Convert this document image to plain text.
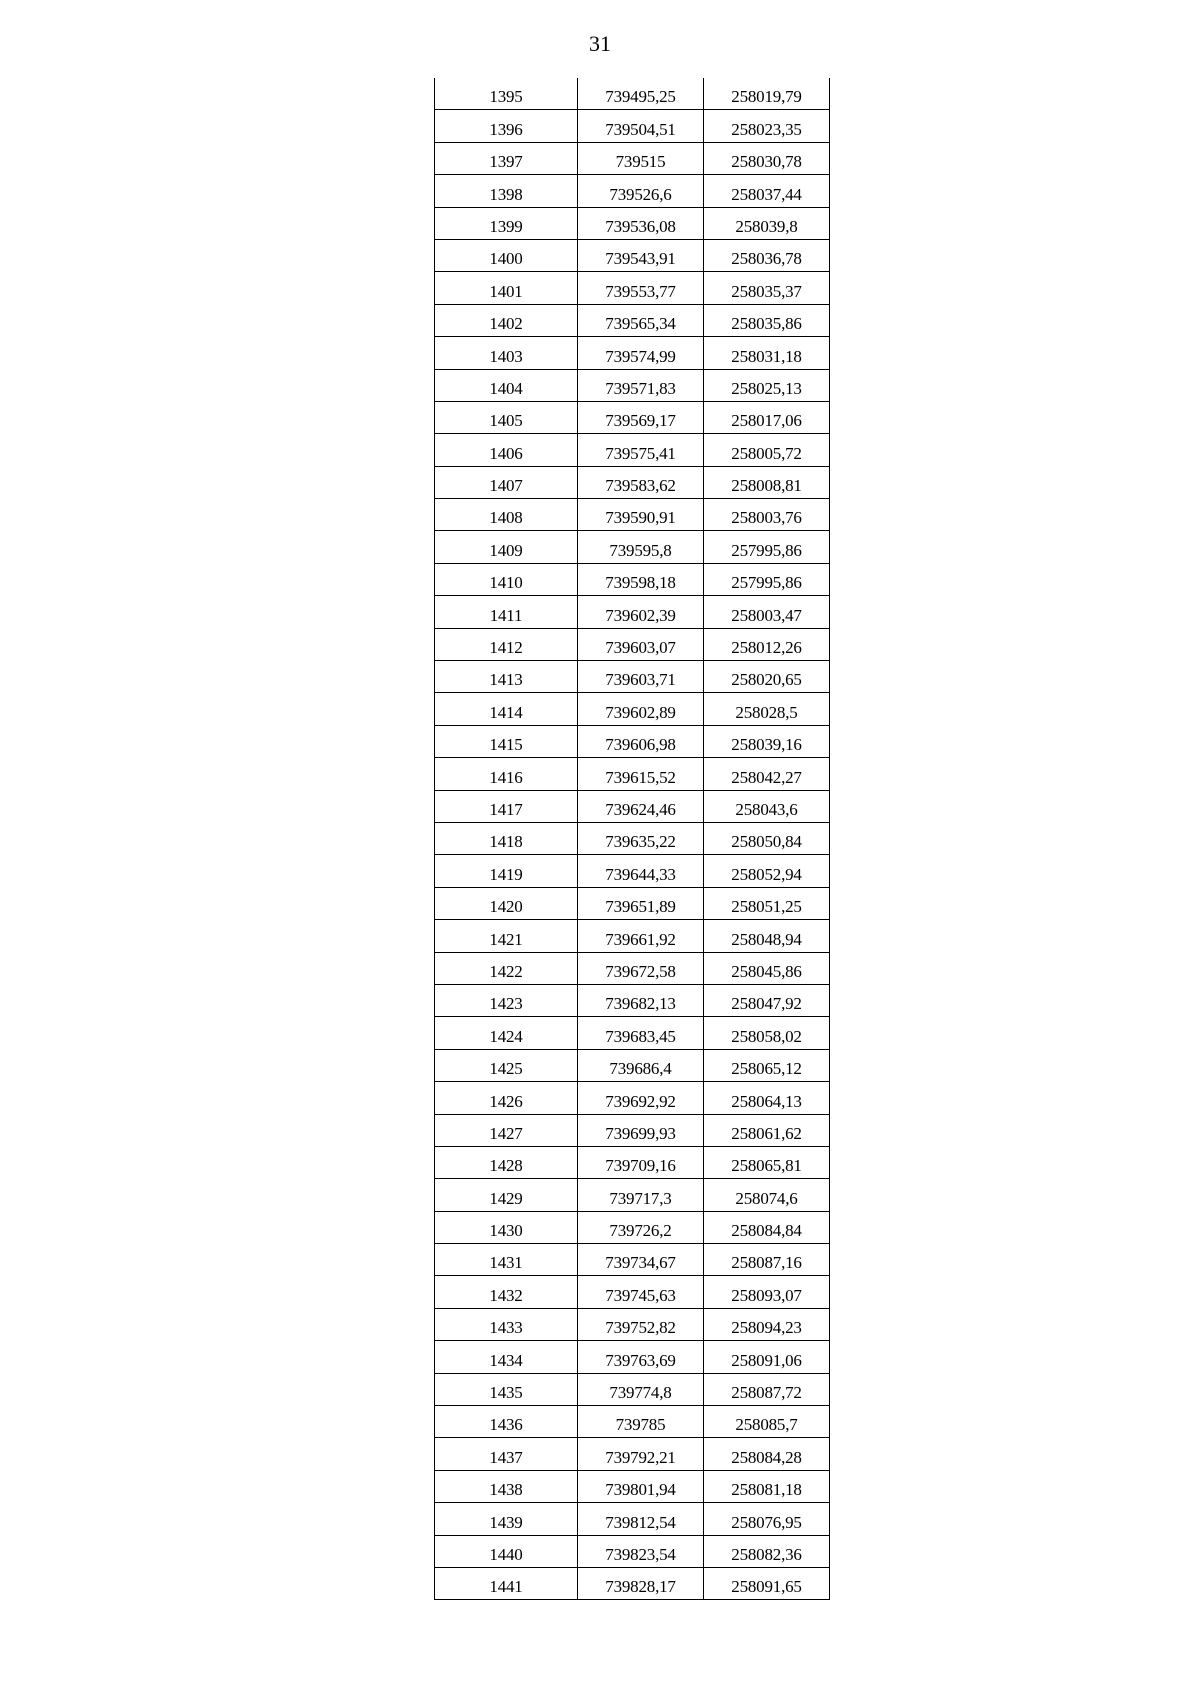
31
1395	739495,25	258019,79
1396	739504,51	258023,35
1397	739515	258030,78
1398	739526,6	258037,44
1399	739536,08	258039,8
1400	739543,91	258036,78
1401	739553,77	258035,37
1402	739565,34	258035,86
1403	739574,99	258031,18
1404	739571,83	258025,13
1405	739569,17	258017,06
1406	739575,41	258005,72
1407	739583,62	258008,81
1408	739590,91	258003,76
1409	739595,8	257995,86
1410	739598,18	257995,86
1411	739602,39	258003,47
1412	739603,07	258012,26
1413	739603,71	258020,65
1414	739602,89	258028,5
1415	739606,98	258039,16
1416	739615,52	258042,27
1417	739624,46	258043,6
1418	739635,22	258050,84
1419	739644,33	258052,94
1420	739651,89	258051,25
1421	739661,92	258048,94
1422	739672,58	258045,86
1423	739682,13	258047,92
1424	739683,45	258058,02
1425	739686,4	258065,12
1426	739692,92	258064,13
1427	739699,93	258061,62
1428	739709,16	258065,81
1429	739717,3	258074,6
1430	739726,2	258084,84
1431	739734,67	258087,16
1432	739745,63	258093,07
1433	739752,82	258094,23
1434	739763,69	258091,06
1435	739774,8	258087,72
1436	739785	258085,7
1437	739792,21	258084,28
1438	739801,94	258081,18
1439	739812,54	258076,95
1440	739823,54	258082,36
1441	739828,17	258091,65
